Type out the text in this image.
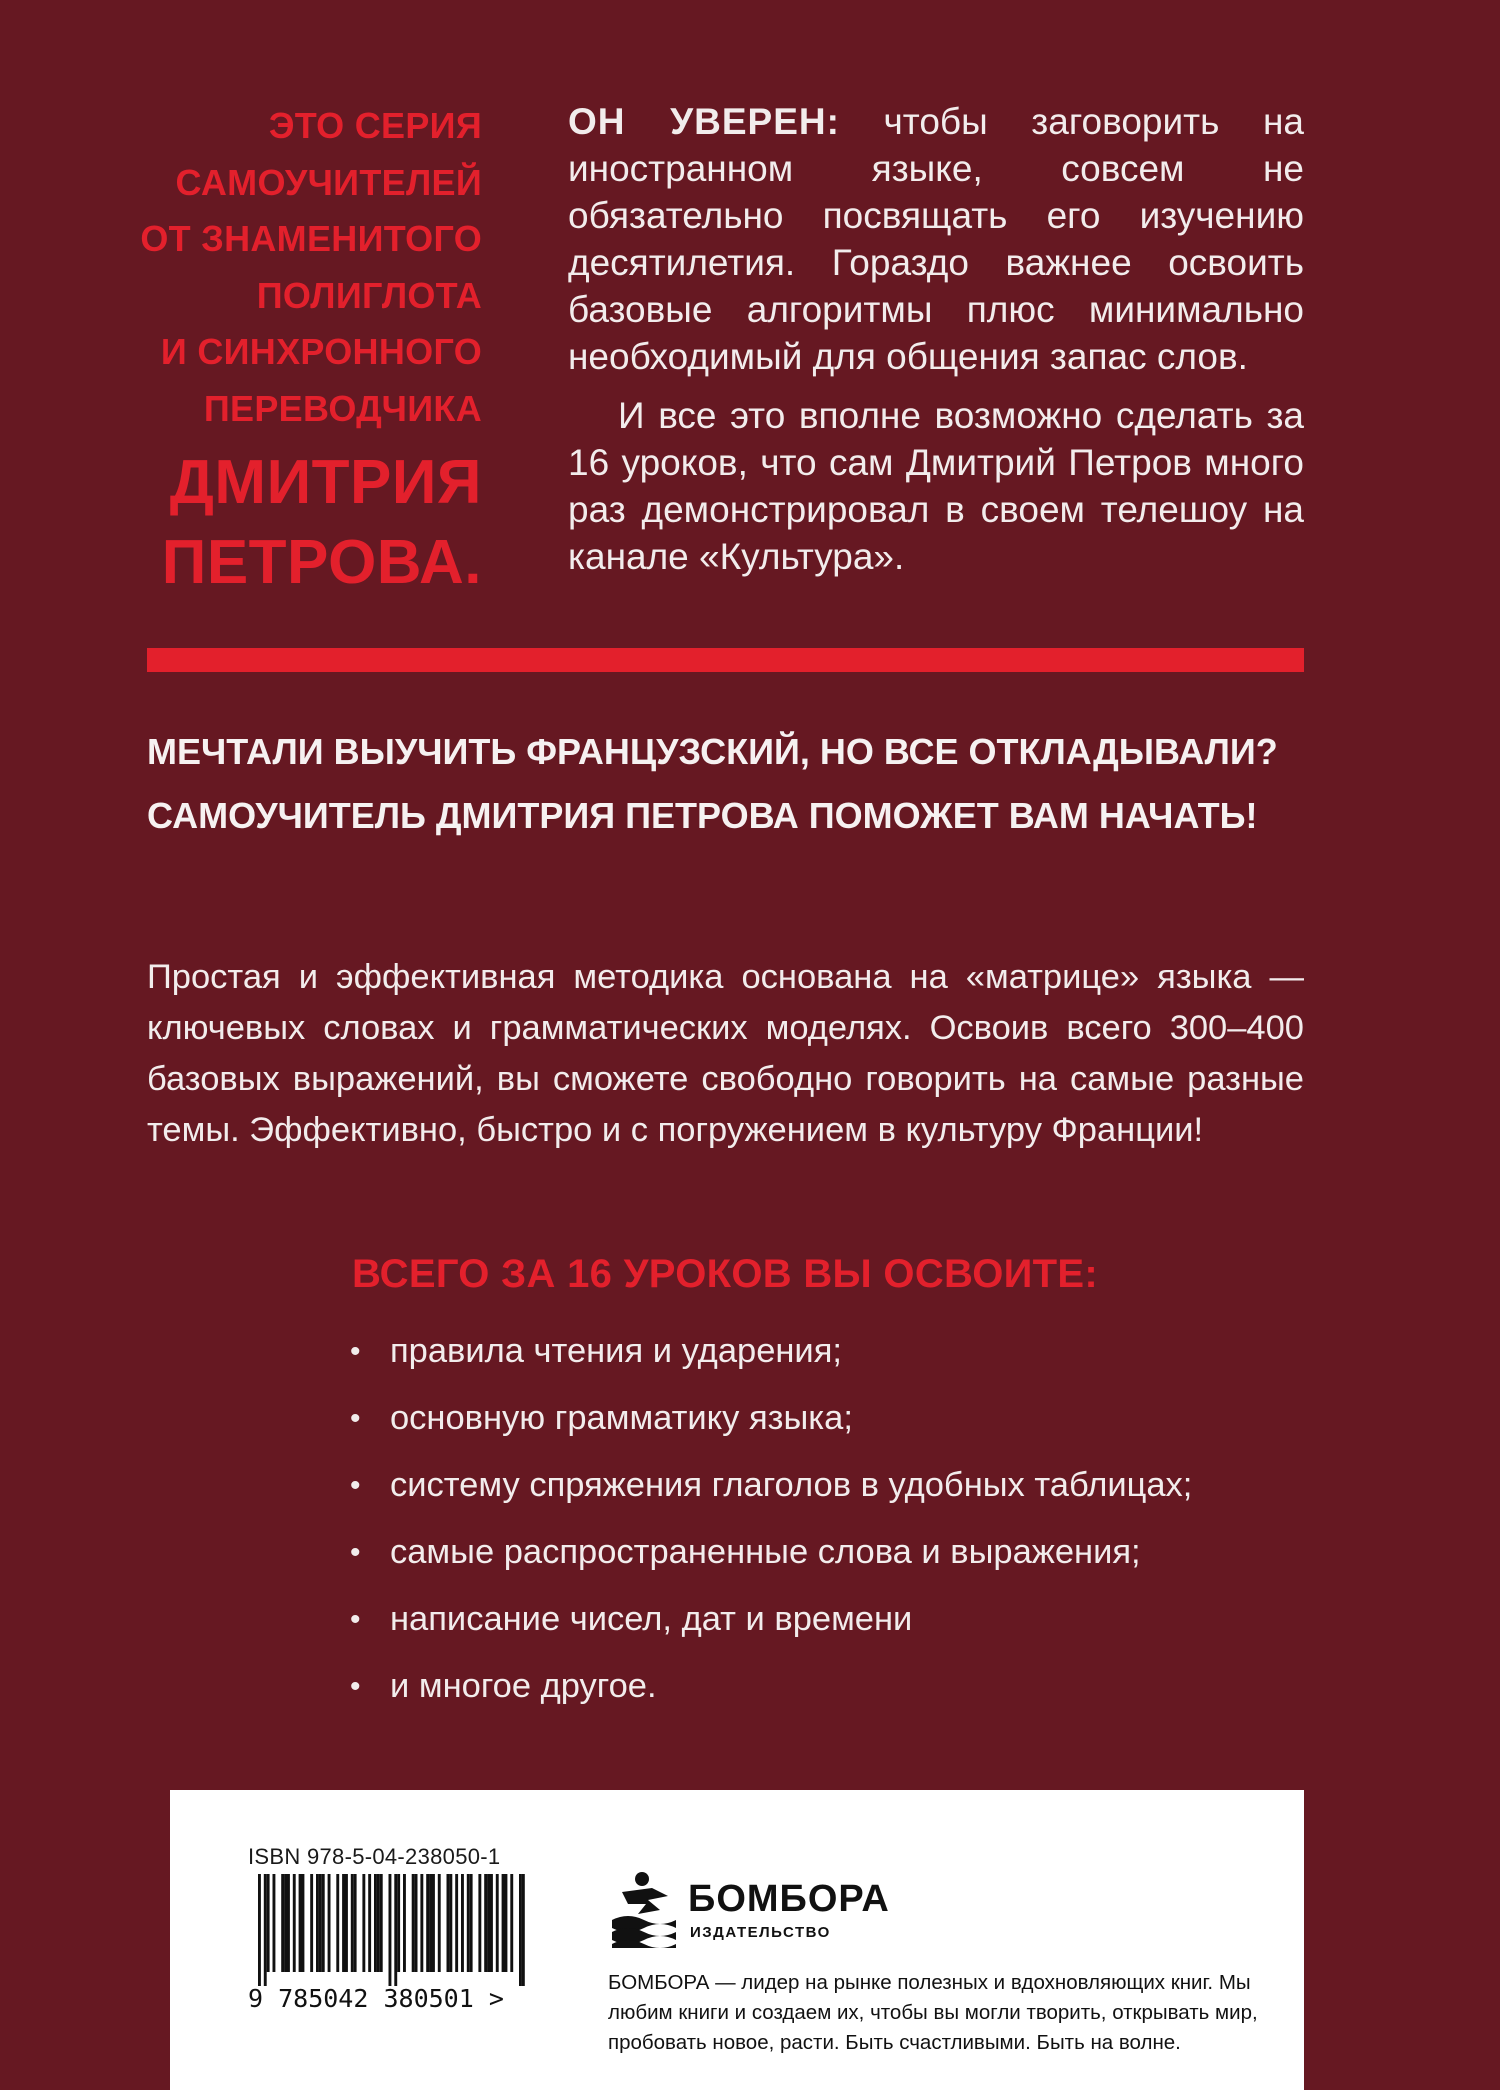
ЭТО СЕРИЯ
САМОУЧИТЕЛЕЙ
ОТ ЗНАМЕНИТОГО
ПОЛИГЛОТА
И СИНХРОННОГО
ПЕРЕВОДЧИКА
ДМИТРИЯ
ПЕТРОВА.

ОН УВЕРЕН: чтобы заговорить на иностранном языке, совсем не обязательно посвящать его изучению десятилетия. Гораздо важнее освоить базовые алгоритмы плюс минимально необходимый для общения запас слов.

И все это вполне возможно сделать за 16 уроков, что сам Дмитрий Петров много раз демонстрировал в своем телешоу на канале «Культура».

МЕЧТАЛИ ВЫУЧИТЬ ФРАНЦУЗСКИЙ, НО ВСЕ ОТКЛАДЫВАЛИ? САМОУЧИТЕЛЬ ДМИТРИЯ ПЕТРОВА ПОМОЖЕТ ВАМ НАЧАТЬ!
Простая и эффективная методика основана на «матрице» языка — ключевых словах и грамматических моделях. Освоив всего 300–400 базовых выражений, вы сможете свободно говорить на самые разные темы. Эффективно, быстро и с погружением в культуру Франции!
ВСЕГО ЗА 16 УРОКОВ ВЫ ОСВОИТЕ:
• правила чтения и ударения;
• основную грамматику языка;
• систему спряжения глаголов в удобных таблицах;
• самые распространенные слова и выражения;
• написание чисел, дат и времени
• и многое другое.
ISBN 978-5-04-238050-1
9 785042 380501 >
БОМБОРА
ИЗДАТЕЛЬСТВО
БОМБОРА — лидер на рынке полезных и вдохновляющих книг. Мы любим книги и создаем их, чтобы вы могли творить, открывать мир, пробовать новое, расти. Быть счастливыми. Быть на волне.
